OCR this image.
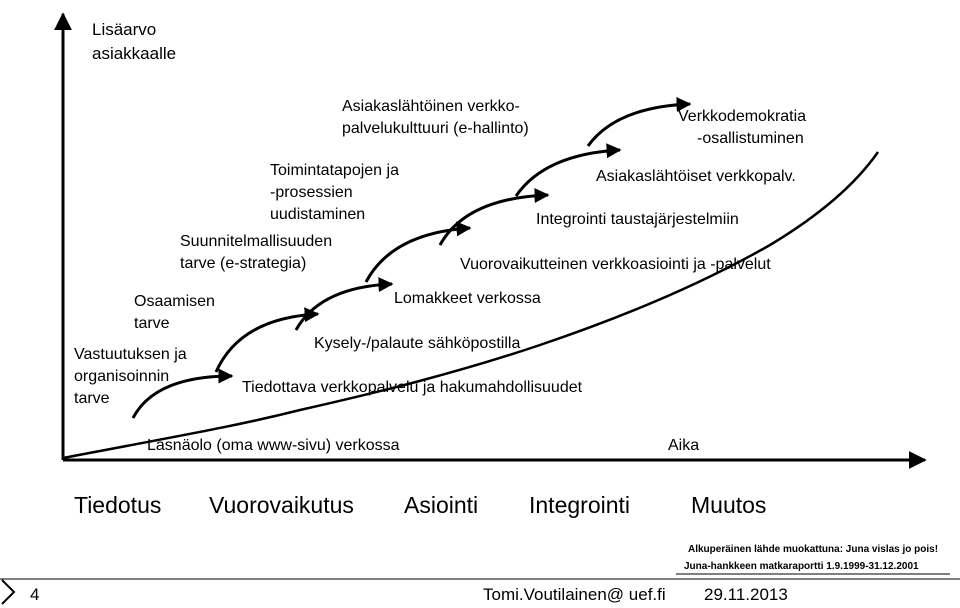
Lisäarvo
asiakkaalle
Vastuutuksen ja
organisoinnin
tarve
Osaamisen
tarve
Suunnitelmallisuuden
tarve (e-strategia)
Toimintatapojen ja
-prosessien
uudistaminen
Asiakaslähtöinen verkko-
palvelukulttuuri (e-hallinto)
Läsnäolo (oma www-sivu) verkossa
Tiedottava verkkopalvelu ja hakumahdollisuudet
Kysely-/palaute sähköpostilla
Lomakkeet verkossa
Vuorovaikutteinen verkkoasiointi ja -palvelut
Integrointi taustajärjestelmiin
Asiakaslähtöiset verkkopalv.
Verkkodemokratia
-osallistuminen
Aika
Tiedotus Vuorovaikutus Asiointi Integrointi	Muutos
Alkuperäinen lähde muokattuna: Juna vislas jo pois!
Juna-hankkeen matkaraportti 1.9.1999-31.12.2001
4	Tomi.Voutilainen@ uef.fi 29.11.2013
